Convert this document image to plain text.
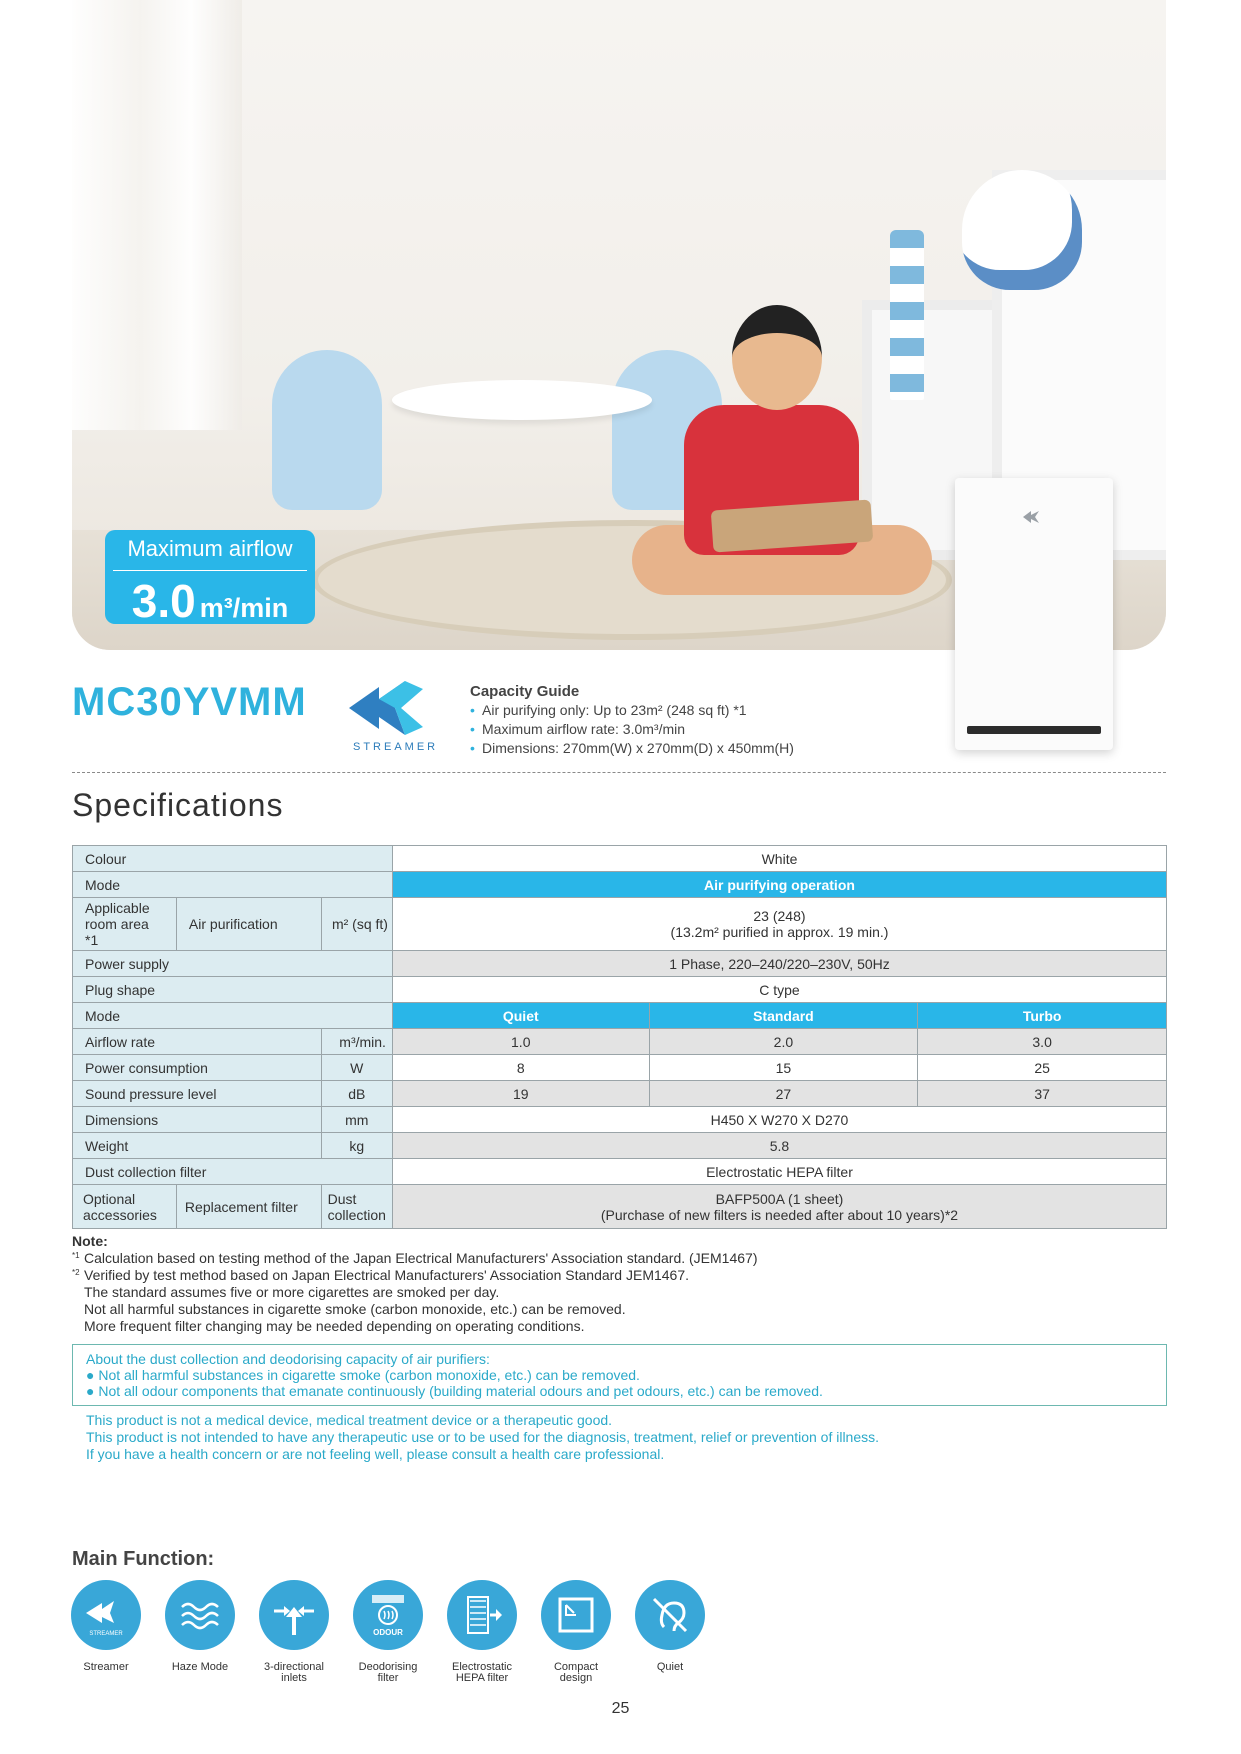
Maximum airflow
3.0 m³/min
MC30YVMM
STREAMER
Capacity Guide
• Air purifying only: Up to 23m² (248 sq ft) *1
• Maximum airflow rate: 3.0m³/min
• Dimensions: 270mm(W) x 270mm(D) x 450mm(H)
Specifications
Colour			White		
Mode			Air purifying operation		
Applicable room area *1	Air purification	m² (sq ft)	23 (248)
(13.2m² purified in approx. 19 min.)		

Power supply			1 Phase, 220–240/220–230V, 50Hz		
Plug shape			C type		
Mode			Quiet	Standard	Turbo
Airflow rate		m³/min.	1.0	2.0	3.0
Power consumption		W	8	15	25
Sound pressure level		dB	19	27	37
Dimensions		mm	H450 X W270 X D270		
Weight		kg	5.8		
Dust collection filter			Electrostatic HEPA filter		
Optional accessories	Replacement filter	Dust collection	BAFP500A (1 sheet)
(Purchase of new filters is needed after about 10 years)*2		
Note:
*1 Calculation based on testing method of the Japan Electrical Manufacturers' Association standard. (JEM1467)
*2 Verified by test method based on Japan Electrical Manufacturers' Association Standard JEM1467.
The standard assumes five or more cigarettes are smoked per day.
Not all harmful substances in cigarette smoke (carbon monoxide, etc.) can be removed.
More frequent filter changing may be needed depending on operating conditions.
About the dust collection and deodorising capacity of air purifiers:
● Not all harmful substances in cigarette smoke (carbon monoxide, etc.) can be removed.
● Not all odour components that emanate continuously (building material odours and pet odours, etc.) can be removed.
This product is not a medical device, medical treatment device or a therapeutic good.
This product is not intended to have any therapeutic use or to be used for the diagnosis, treatment, relief or prevention of illness.
If you have a health concern or are not feeling well, please consult a health care professional.
Main Function:
STREAMER
Streamer	Haze Mode	3-directional inlets
ODOUR
Deodorising filter
Electrostatic HEPA filter
Compact design
Quiet
25
